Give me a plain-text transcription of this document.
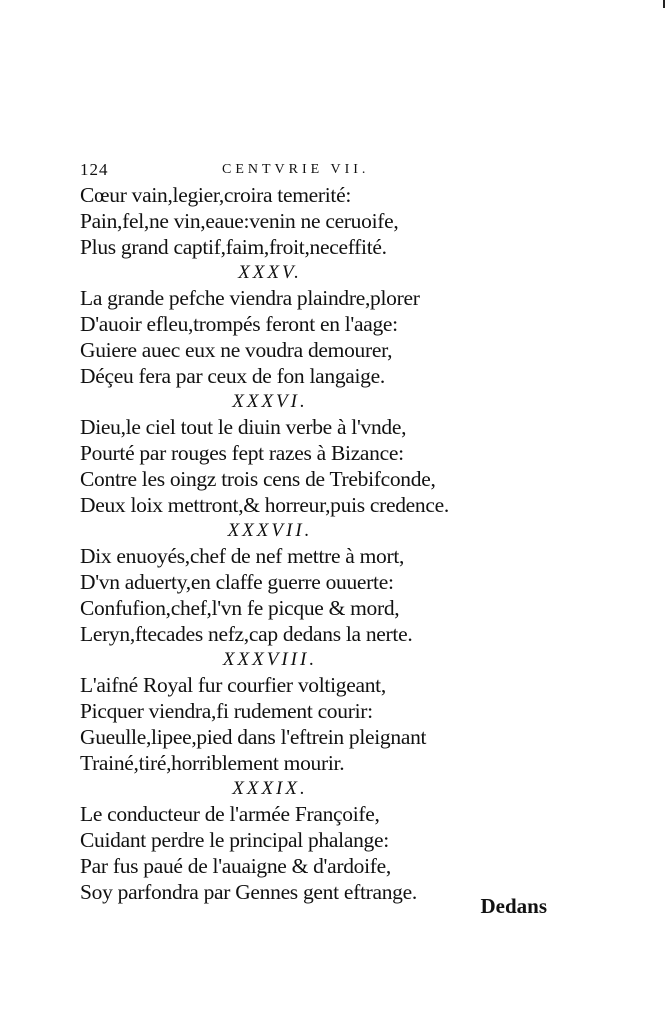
124	CENTVRIE VII.
Cœur vain,legier,croira temerité:
Pain,fel,ne vin,eaue:venin ne ceruoife,
Plus grand captif,faim,froit,neceffité.
XXXV.
La grande pefche viendra plaindre,plorer
D'auoir efleu,trompés feront en l'aage:
Guiere auec eux ne voudra demourer,
Déçeu fera par ceux de fon langaige.
XXXVI.
Dieu,le ciel tout le diuin verbe à l'vnde,
Pourté par rouges fept razes à Bizance:
Contre les oingz trois cens de Trebifconde,
Deux loix mettront,& horreur,puis credence.
XXXVII.
Dix enuoyés,chef de nef mettre à mort,
D'vn aduerty,en claffe guerre ouuerte:
Confufion,chef,l'vn fe picque & mord,
Leryn,ftecades nefz,cap dedans la nerte.
XXXVIII.
L'aifné Royal fur courfier voltigeant,
Picquer viendra,fi rudement courir:
Gueulle,lipee,pied dans l'eftrein pleignant
Trainé,tiré,horriblement mourir.
XXXIX.
Le conducteur de l'armée Françoife,
Cuidant perdre le principal phalange:
Par fus paué de l'auaigne & d'ardoife,
Soy parfondra par Gennes gent eftrange.
Dedans
